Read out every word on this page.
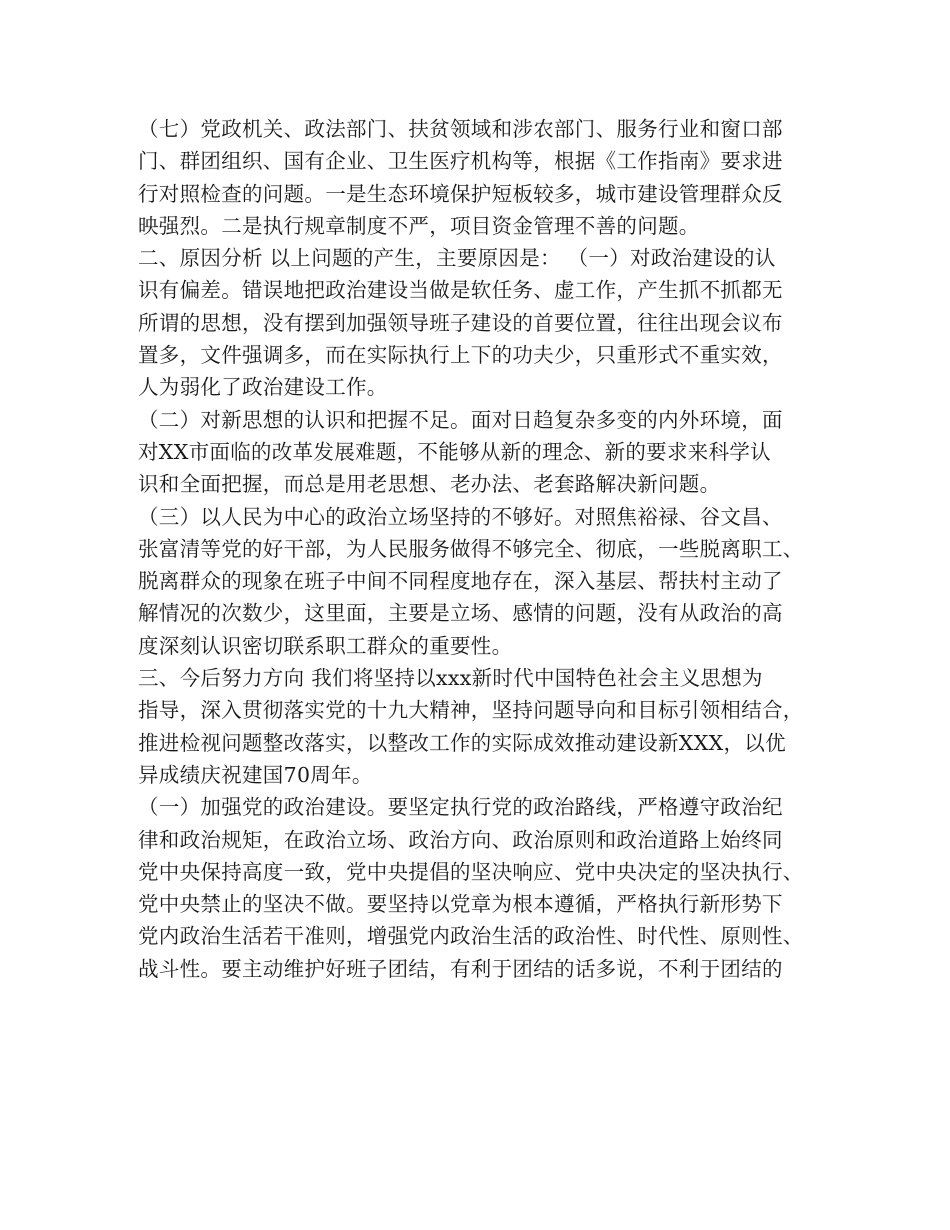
（七）党政机关、政法部门、扶贫领域和涉农部门、服务行业和窗口部
门、群团组织、国有企业、卫生医疗机构等，根据《工作指南》要求进
行对照检查的问题。一是生态环境保护短板较多，城市建设管理群众反
映强烈。二是执行规章制度不严，项目资金管理不善的问题。
二、原因分析 以上问题的产生，主要原因是： （一）对政治建设的认
识有偏差。错误地把政治建设当做是软任务、虚工作，产生抓不抓都无
所谓的思想，没有摆到加强领导班子建设的首要位置，往往出现会议布
置多，文件强调多，而在实际执行上下的功夫少，只重形式不重实效，
人为弱化了政治建设工作。
（二）对新思想的认识和把握不足。面对日趋复杂多变的内外环境，面
对XX市面临的改革发展难题，不能够从新的理念、新的要求来科学认
识和全面把握，而总是用老思想、老办法、老套路解决新问题。
（三）以人民为中心的政治立场坚持的不够好。对照焦裕禄、谷文昌、
张富清等党的好干部，为人民服务做得不够完全、彻底，一些脱离职工、
脱离群众的现象在班子中间不同程度地存在，深入基层、帮扶村主动了
解情况的次数少，这里面，主要是立场、感情的问题，没有从政治的高
度深刻认识密切联系职工群众的重要性。
三、今后努力方向 我们将坚持以xxx新时代中国特色社会主义思想为
指导，深入贯彻落实党的十九大精神，坚持问题导向和目标引领相结合，
推进检视问题整改落实，以整改工作的实际成效推动建设新XXX，以优
异成绩庆祝建国70周年。
（一）加强党的政治建设。要坚定执行党的政治路线，严格遵守政治纪
律和政治规矩，在政治立场、政治方向、政治原则和政治道路上始终同
党中央保持高度一致，党中央提倡的坚决响应、党中央决定的坚决执行、
党中央禁止的坚决不做。要坚持以党章为根本遵循，严格执行新形势下
党内政治生活若干准则，增强党内政治生活的政治性、时代性、原则性、
战斗性。要主动维护好班子团结，有利于团结的话多说，不利于团结的
